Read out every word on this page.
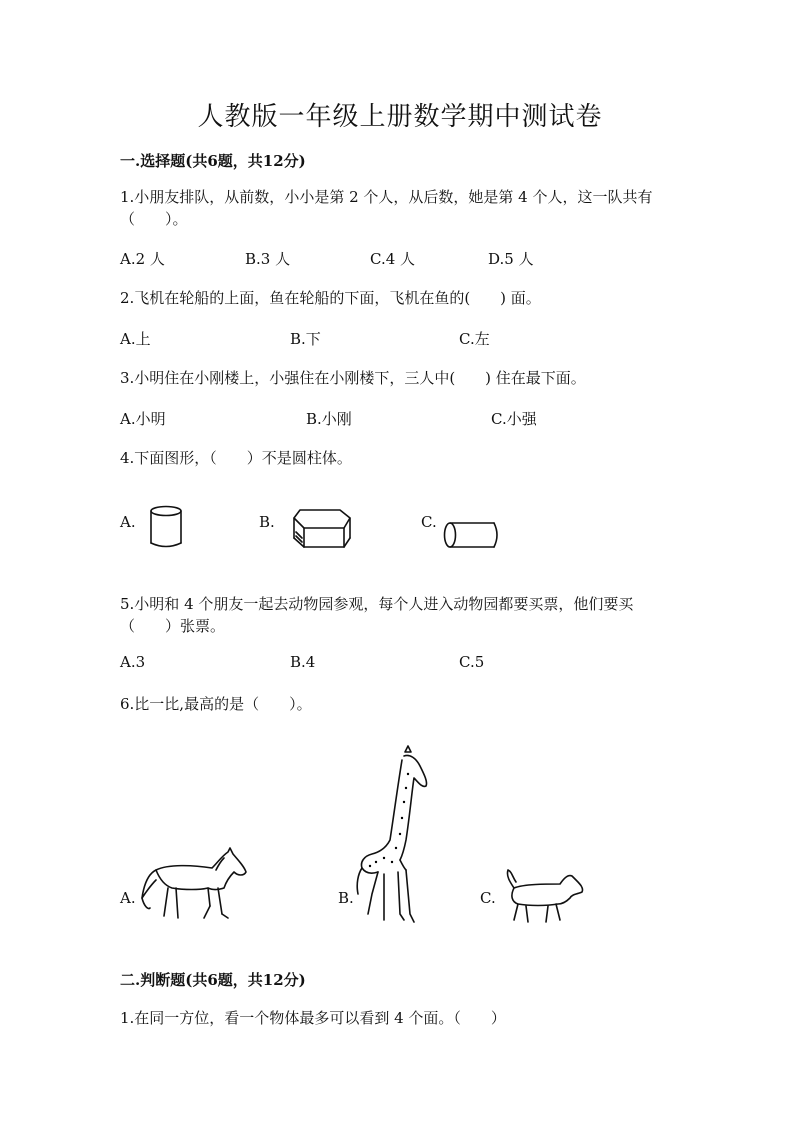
人教版一年级上册数学期中测试卷
一.选择题(共6题，共12分)
1.小朋友排队，从前数，小小是第 2 个人，从后数，她是第 4 个人，这一队共有（　　）。
A.2 人	B.3 人	C.4 人	D.5 人
2.飞机在轮船的上面，鱼在轮船的下面，飞机在鱼的(　　) 面。
A.上	B.下	C.左
3.小明住在小刚楼上，小强住在小刚楼下，三人中(　　) 住在最下面。
A.小明	B.小刚	C.小强
4.下面图形，（　　）不是圆柱体。
A.	B.	C.
5.小明和 4 个朋友一起去动物园参观，每个人进入动物园都要买票，他们要买（　　）张票。
A.3	B.4	C.5
6.比一比,最高的是（　　）。
A.	B.	C.
二.判断题(共6题，共12分)
1.在同一方位，看一个物体最多可以看到 4 个面。（　　）
